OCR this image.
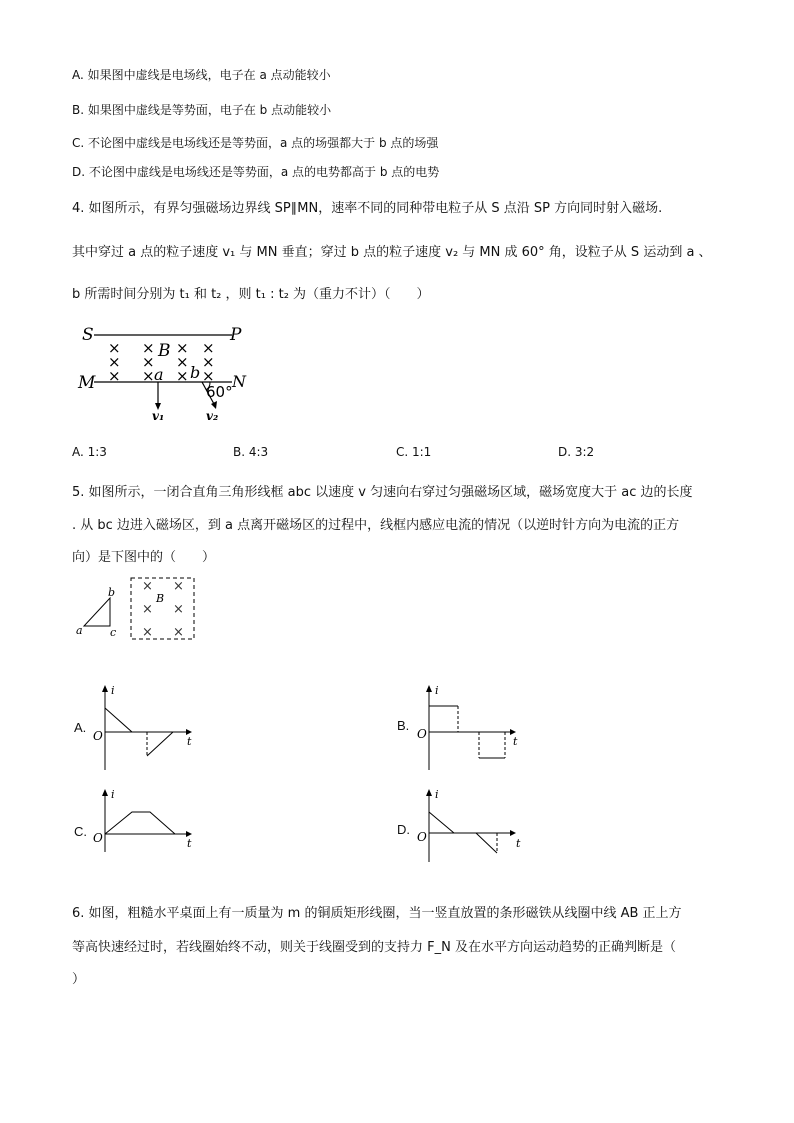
A. 如果图中虚线是电场线，电子在 a 点动能较小
B. 如果图中虚线是等势面，电子在 b 点动能较小
C. 不论图中虚线是电场线还是等势面，a 点的场强都大于 b 点的场强
D. 不论图中虚线是电场线还是等势面，a 点的电势都高于 b 点的电势
4. 如图所示，有界匀强磁场边界线 SP∥MN，速率不同的同种带电粒子从 S 点沿 SP 方向同时射入磁场.
其中穿过 a 点的粒子速度 v₁ 与 MN 垂直；穿过 b 点的粒子速度 v₂ 与 MN 成 60° 角，设粒子从 S 运动到 a 、
b 所需时间分别为 t₁ 和 t₂ ，则 t₁ : t₂ 为（重力不计）（　　）
S	P
M	N
× × × ×
× × × ×
× × × ×
B
a b
v₁	v₂
60°
A. 1:3	B. 4:3	C. 1:1	D. 3:2
5. 如图所示，一闭合直角三角形线框 abc 以速度 v 匀速向右穿过匀强磁场区域，磁场宽度大于 ac 边的长度
. 从 bc 边进入磁场区，到 a 点离开磁场区的过程中，线框内感应电流的情况（以逆时针方向为电流的正方
向）是下图中的（　　）
a
b
c
× ×
× ×
× ×
B
A.
i
O	t
B.
i
O
t
C.
i
O	t
D.
i
O	t
6. 如图，粗糙水平桌面上有一质量为 m 的铜质矩形线圈，当一竖直放置的条形磁铁从线圈中线 AB 正上方
等高快速经过时，若线圈始终不动，则关于线圈受到的支持力 F_N 及在水平方向运动趋势的正确判断是（
）
